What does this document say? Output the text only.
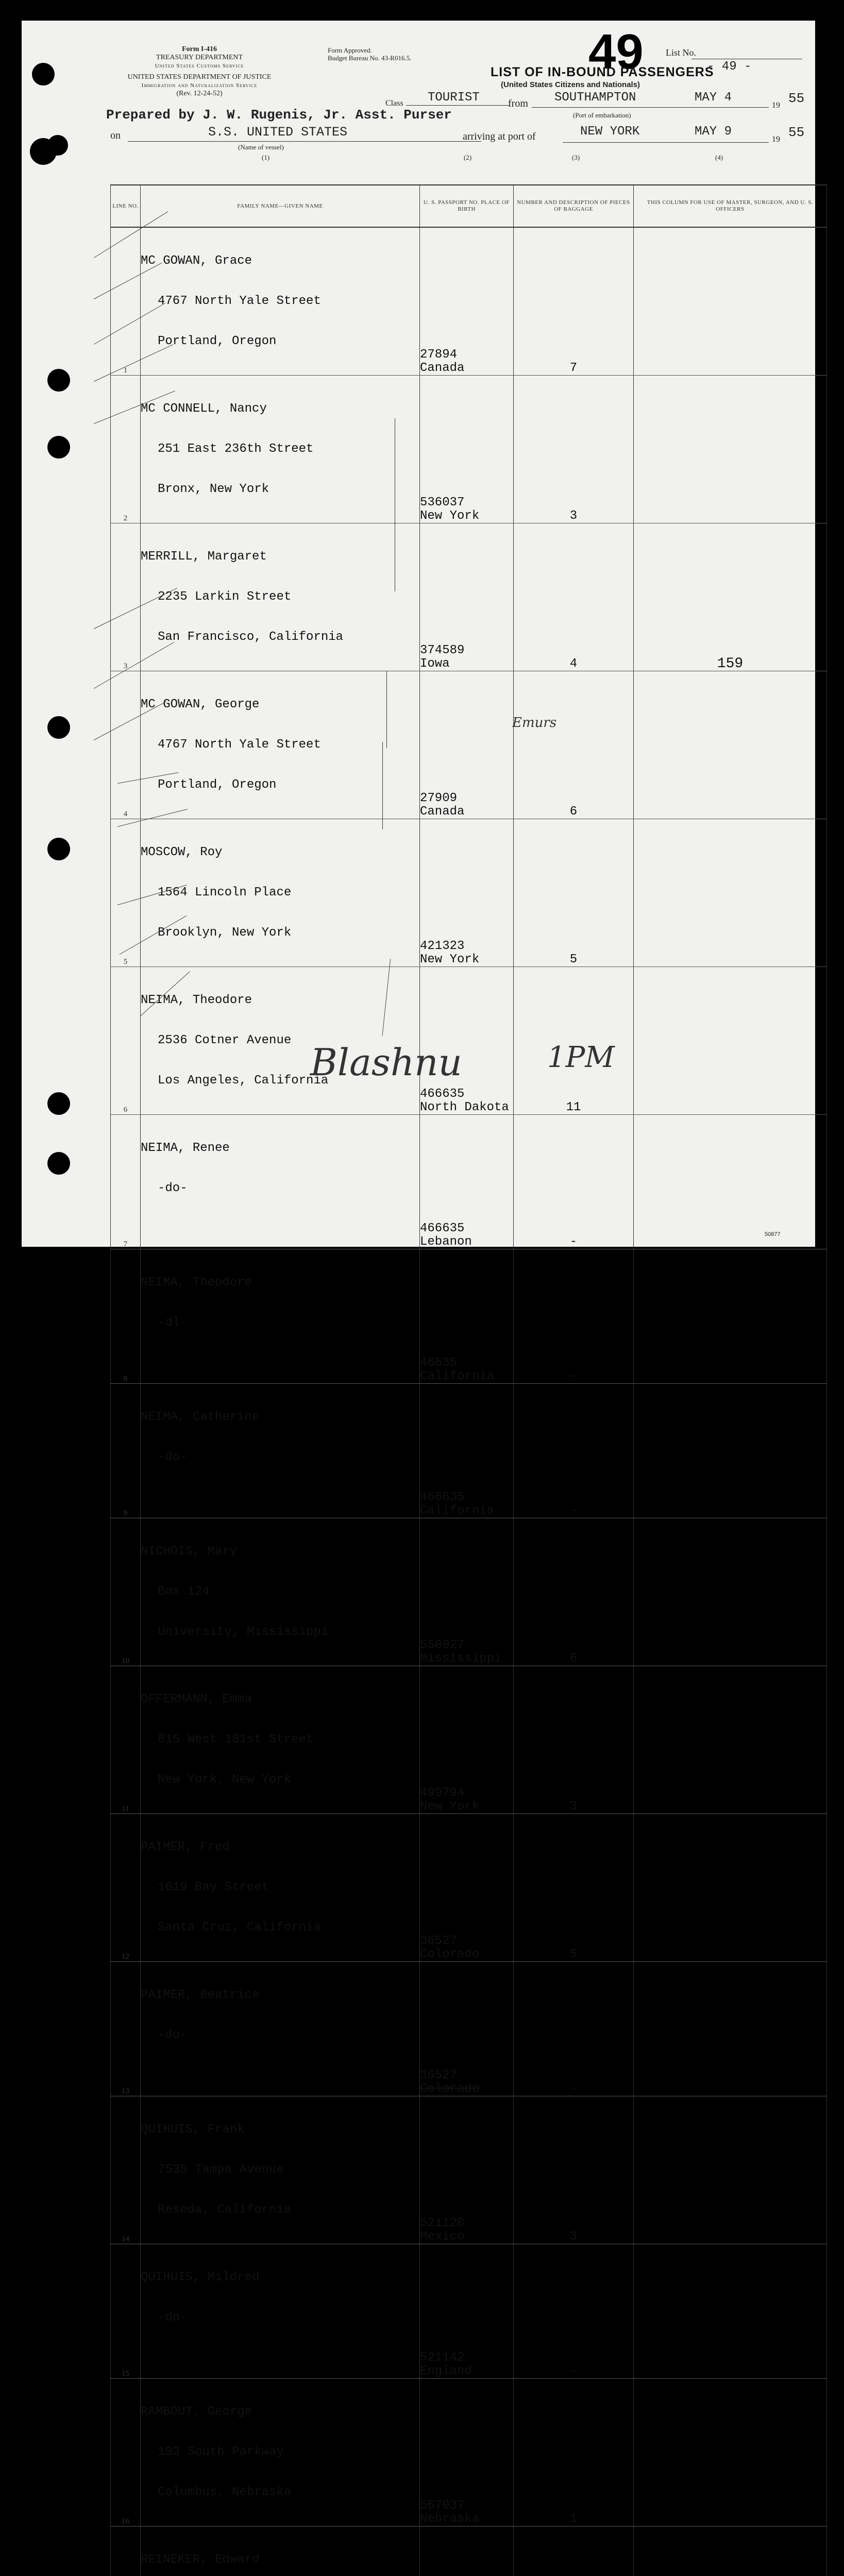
Form I-416
TREASURY DEPARTMENT
United States Customs Service
UNITED STATES DEPARTMENT OF JUSTICE
Immigration and Naturalization Service
(Rev. 12-24-52)
Form Approved.
Budget Bureau No. 43-R016.5.	49 List No.
- 49 -
LIST OF IN-BOUND PASSENGERS
(United States Citizens and Nationals)
Class TOURIST	from SOUTHAMPTON
(Port of embarkation)
MAY 4
19 55
Prepared by J. W. Rugenis, Jr. Asst. Purser
on	S.S. UNITED STATES
(Name of vessel)
arriving at port of	NEW YORK	MAY 9
19 55
(1)	(2)	(3)	(4)
LINE NO.	FAMILY NAME—GIVEN NAME	U. S. PASSPORT NO. PLACE OF BIRTH	NUMBER AND DESCRIPTION OF PIECES OF BAGGAGE	THIS COLUMN FOR USE OF MASTER, SURGEON, AND U. S. OFFICERS
1	MC GOWAN, Grace

4767 North Yale Street

Portland, Oregon	27894
Canada	7	
2	MC CONNELL, Nancy

251 East 236th Street

Bronx, New York	536037
New York	3	
3	MERRILL, Margaret

2235 Larkin Street

San Francisco, California	374589
Iowa	4	159
4	MC GOWAN, George

4767 North Yale Street

Portland, Oregon	27909
Canada	6	
5	MOSCOW, Roy

1564 Lincoln Place

Brooklyn, New York	421323
New York	5	
6	NEIMA, Theodore

2536 Cotner Avenue

Los Angeles, California	466635
North Dakota	11	
7	NEIMA, Renee

-do-	466635
Lebanon	-	
8	NEIMA, Theodore

-dl-	46635
California	-	
9	NEIMA, Catherine

-do-	466635
California	-	
10	NICHOIS, Mary

Box 124

University, Mississippi	550927
Mississippi	6	
11	OFFERMANN, Emma

815 West 181st Street

New York, New York	499794
New York	3	
12	PAIMER, Fred

1619 Bay Street

Santa Cruz, California	36527
Colorado	5	
13	PAIMER, Beatrice

-do-	36527
Colorado	-	
14	QUIHUIS, Frank

7535 Tampa Avenue

Reseda, California	521128
Mexico	3	
15	QUIHUIS, Mildred

-do-	521142
England	-	
16	RAMBOUT, George

103 South Parkway

Columbus, Nebraska	567037
Nebraska	1	

REINEKER, Edward

Emurs
Blashnu	1PM
50877
